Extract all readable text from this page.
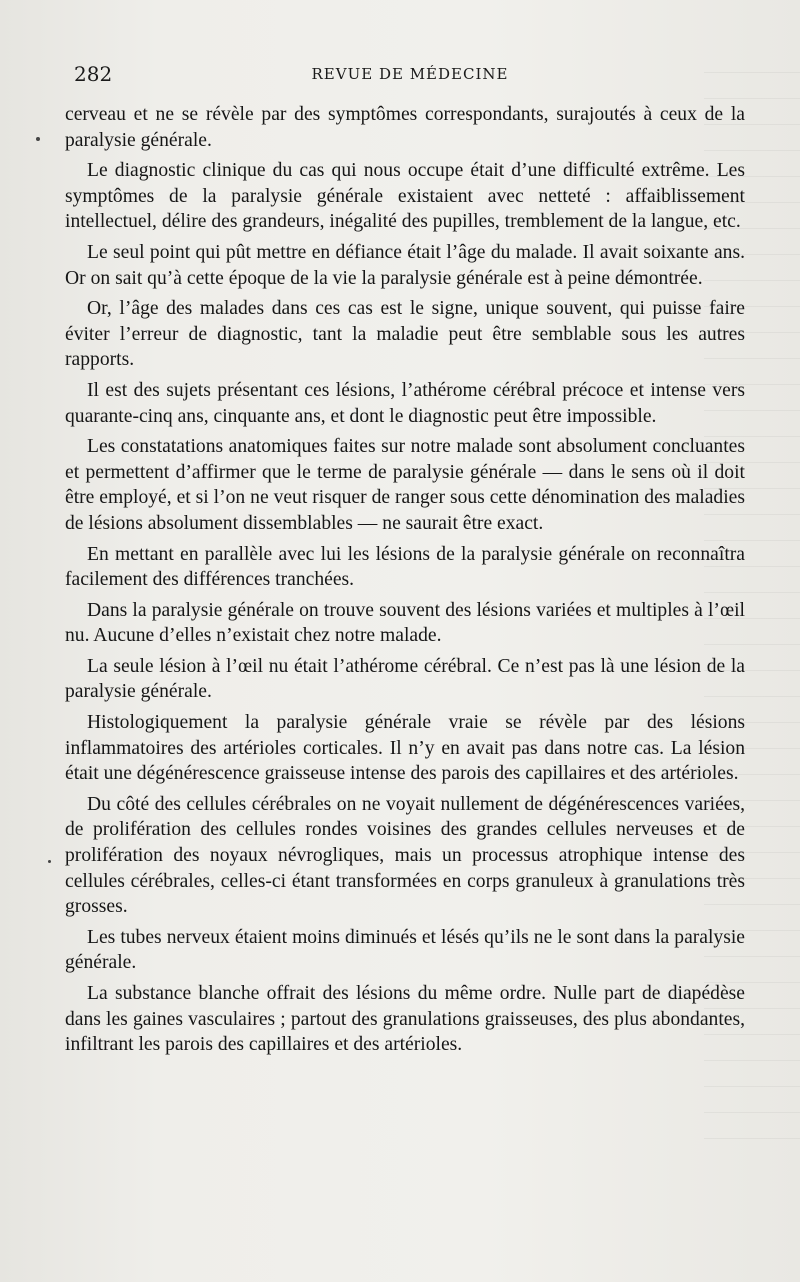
282	REVUE DE MÉDECINE

cerveau et ne se révèle par des symptômes correspondants, surajoutés à ceux de la paralysie générale.

Le diagnostic clinique du cas qui nous occupe était d’une difficulté extrême. Les symptômes de la paralysie générale existaient avec netteté : affaiblissement intellectuel, délire des grandeurs, inégalité des pupilles, tremblement de la langue, etc.

Le seul point qui pût mettre en défiance était l’âge du malade. Il avait soixante ans. Or on sait qu’à cette époque de la vie la paralysie générale est à peine démontrée.

Or, l’âge des malades dans ces cas est le signe, unique souvent, qui puisse faire éviter l’erreur de diagnostic, tant la maladie peut être semblable sous les autres rapports.

Il est des sujets présentant ces lésions, l’athérome cérébral précoce et intense vers quarante-cinq ans, cinquante ans, et dont le diagnostic peut être impossible.

Les constatations anatomiques faites sur notre malade sont absolument concluantes et permettent d’affirmer que le terme de paralysie générale — dans le sens où il doit être employé, et si l’on ne veut risquer de ranger sous cette dénomination des maladies de lésions absolument dissemblables — ne saurait être exact.

En mettant en parallèle avec lui les lésions de la paralysie générale on reconnaîtra facilement des différences tranchées.

Dans la paralysie générale on trouve souvent des lésions variées et multiples à l’œil nu. Aucune d’elles n’existait chez notre malade.

La seule lésion à l’œil nu était l’athérome cérébral. Ce n’est pas là une lésion de la paralysie générale.

Histologiquement la paralysie générale vraie se révèle par des lésions inflammatoires des artérioles corticales. Il n’y en avait pas dans notre cas. La lésion était une dégénérescence graisseuse intense des parois des capillaires et des artérioles.

Du côté des cellules cérébrales on ne voyait nullement de dégénérescences variées, de prolifération des cellules rondes voisines des grandes cellules nerveuses et de prolifération des noyaux névrogliques, mais un processus atrophique intense des cellules cérébrales, celles-ci étant transformées en corps granuleux à granulations très grosses.

Les tubes nerveux étaient moins diminués et lésés qu’ils ne le sont dans la paralysie générale.

La substance blanche offrait des lésions du même ordre. Nulle part de diapédèse dans les gaines vasculaires ; partout des granulations graisseuses, des plus abondantes, infiltrant les parois des capillaires et des artérioles.
